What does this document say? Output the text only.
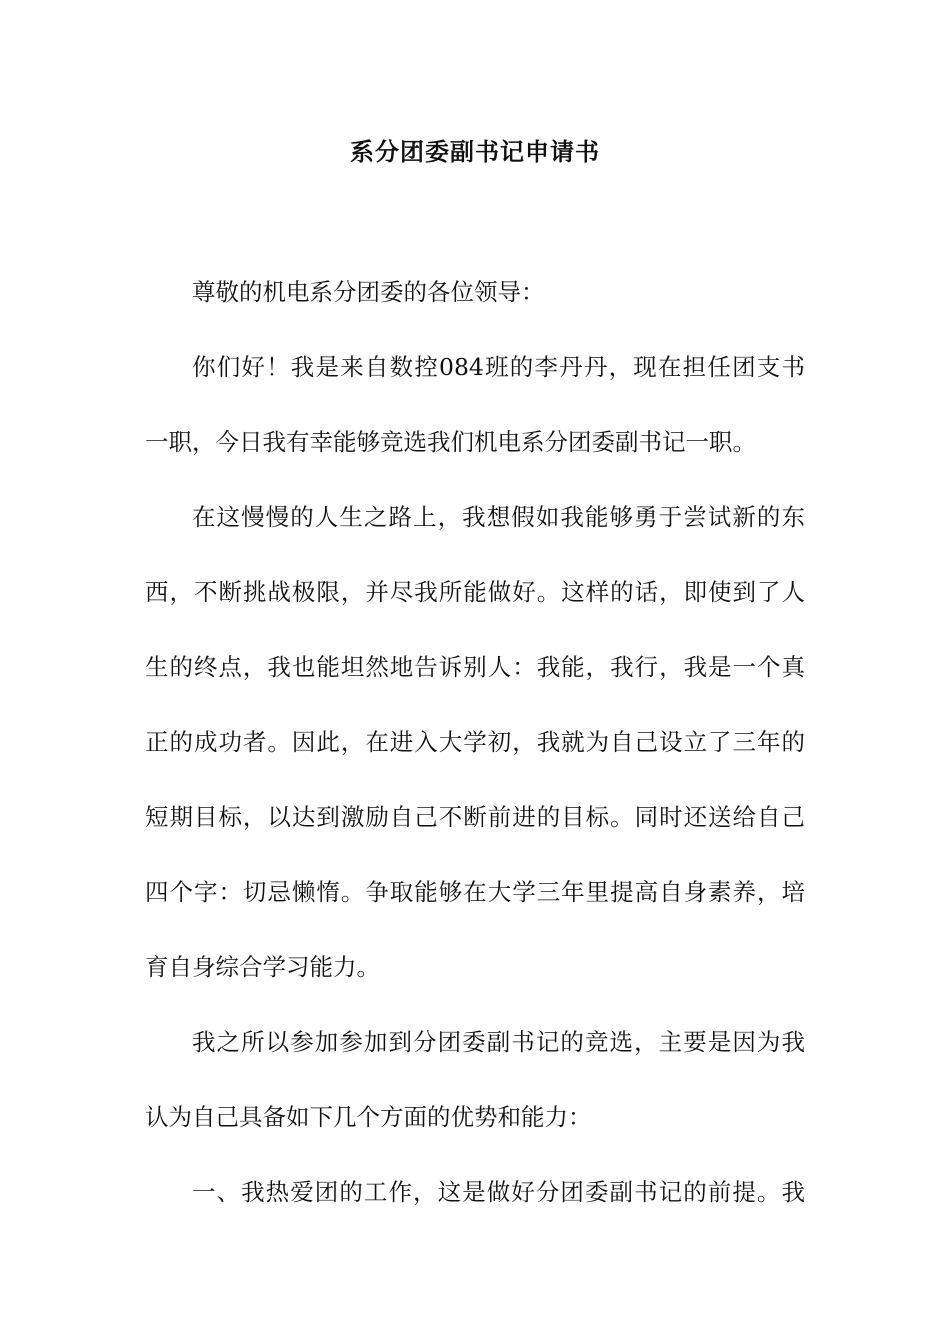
系分团委副书记申请书
尊敬的机电系分团委的各位领导：
你们好！我是来自数控084班的李丹丹，现在担任团支书
一职，今日我有幸能够竞选我们机电系分团委副书记一职。
在这慢慢的人生之路上，我想假如我能够勇于尝试新的东
西，不断挑战极限，并尽我所能做好。这样的话，即使到了人
生的终点，我也能坦然地告诉别人：我能，我行，我是一个真
正的成功者。因此，在进入大学初，我就为自己设立了三年的
短期目标，以达到激励自己不断前进的目标。同时还送给自己
四个字：切忌懒惰。争取能够在大学三年里提高自身素养，培
育自身综合学习能力。
我之所以参加参加到分团委副书记的竞选，主要是因为我
认为自己具备如下几个方面的优势和能力：
一、我热爱团的工作，这是做好分团委副书记的前提。我
